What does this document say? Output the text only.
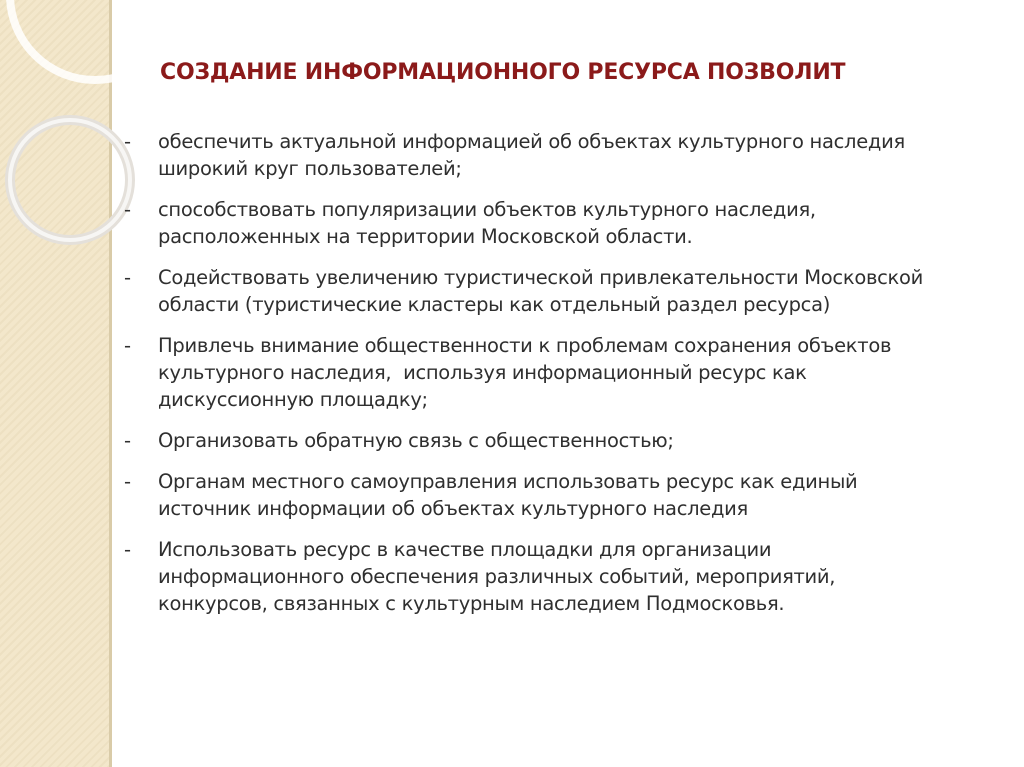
СОЗДАНИЕ ИНФОРМАЦИОННОГО РЕСУРСА ПОЗВОЛИТ
-	обеспечить актуальной информацией об объектах культурного наследия
широкий круг пользователей;
-	способствовать популяризации объектов культурного наследия,
расположенных на территории Московской области.
-	Содействовать увеличению туристической привлекательности Московской
области (туристические кластеры как отдельный раздел ресурса)
-	Привлечь внимание общественности к проблемам сохранения объектов
культурного наследия,  используя информационный ресурс как
дискуссионную площадку;
-	Организовать обратную связь с общественностью;
-	Органам местного самоуправления использовать ресурс как единый
источник информации об объектах культурного наследия
-	Использовать ресурс в качестве площадки для организации
информационного обеспечения различных событий, мероприятий,
конкурсов, связанных с культурным наследием Подмосковья.
